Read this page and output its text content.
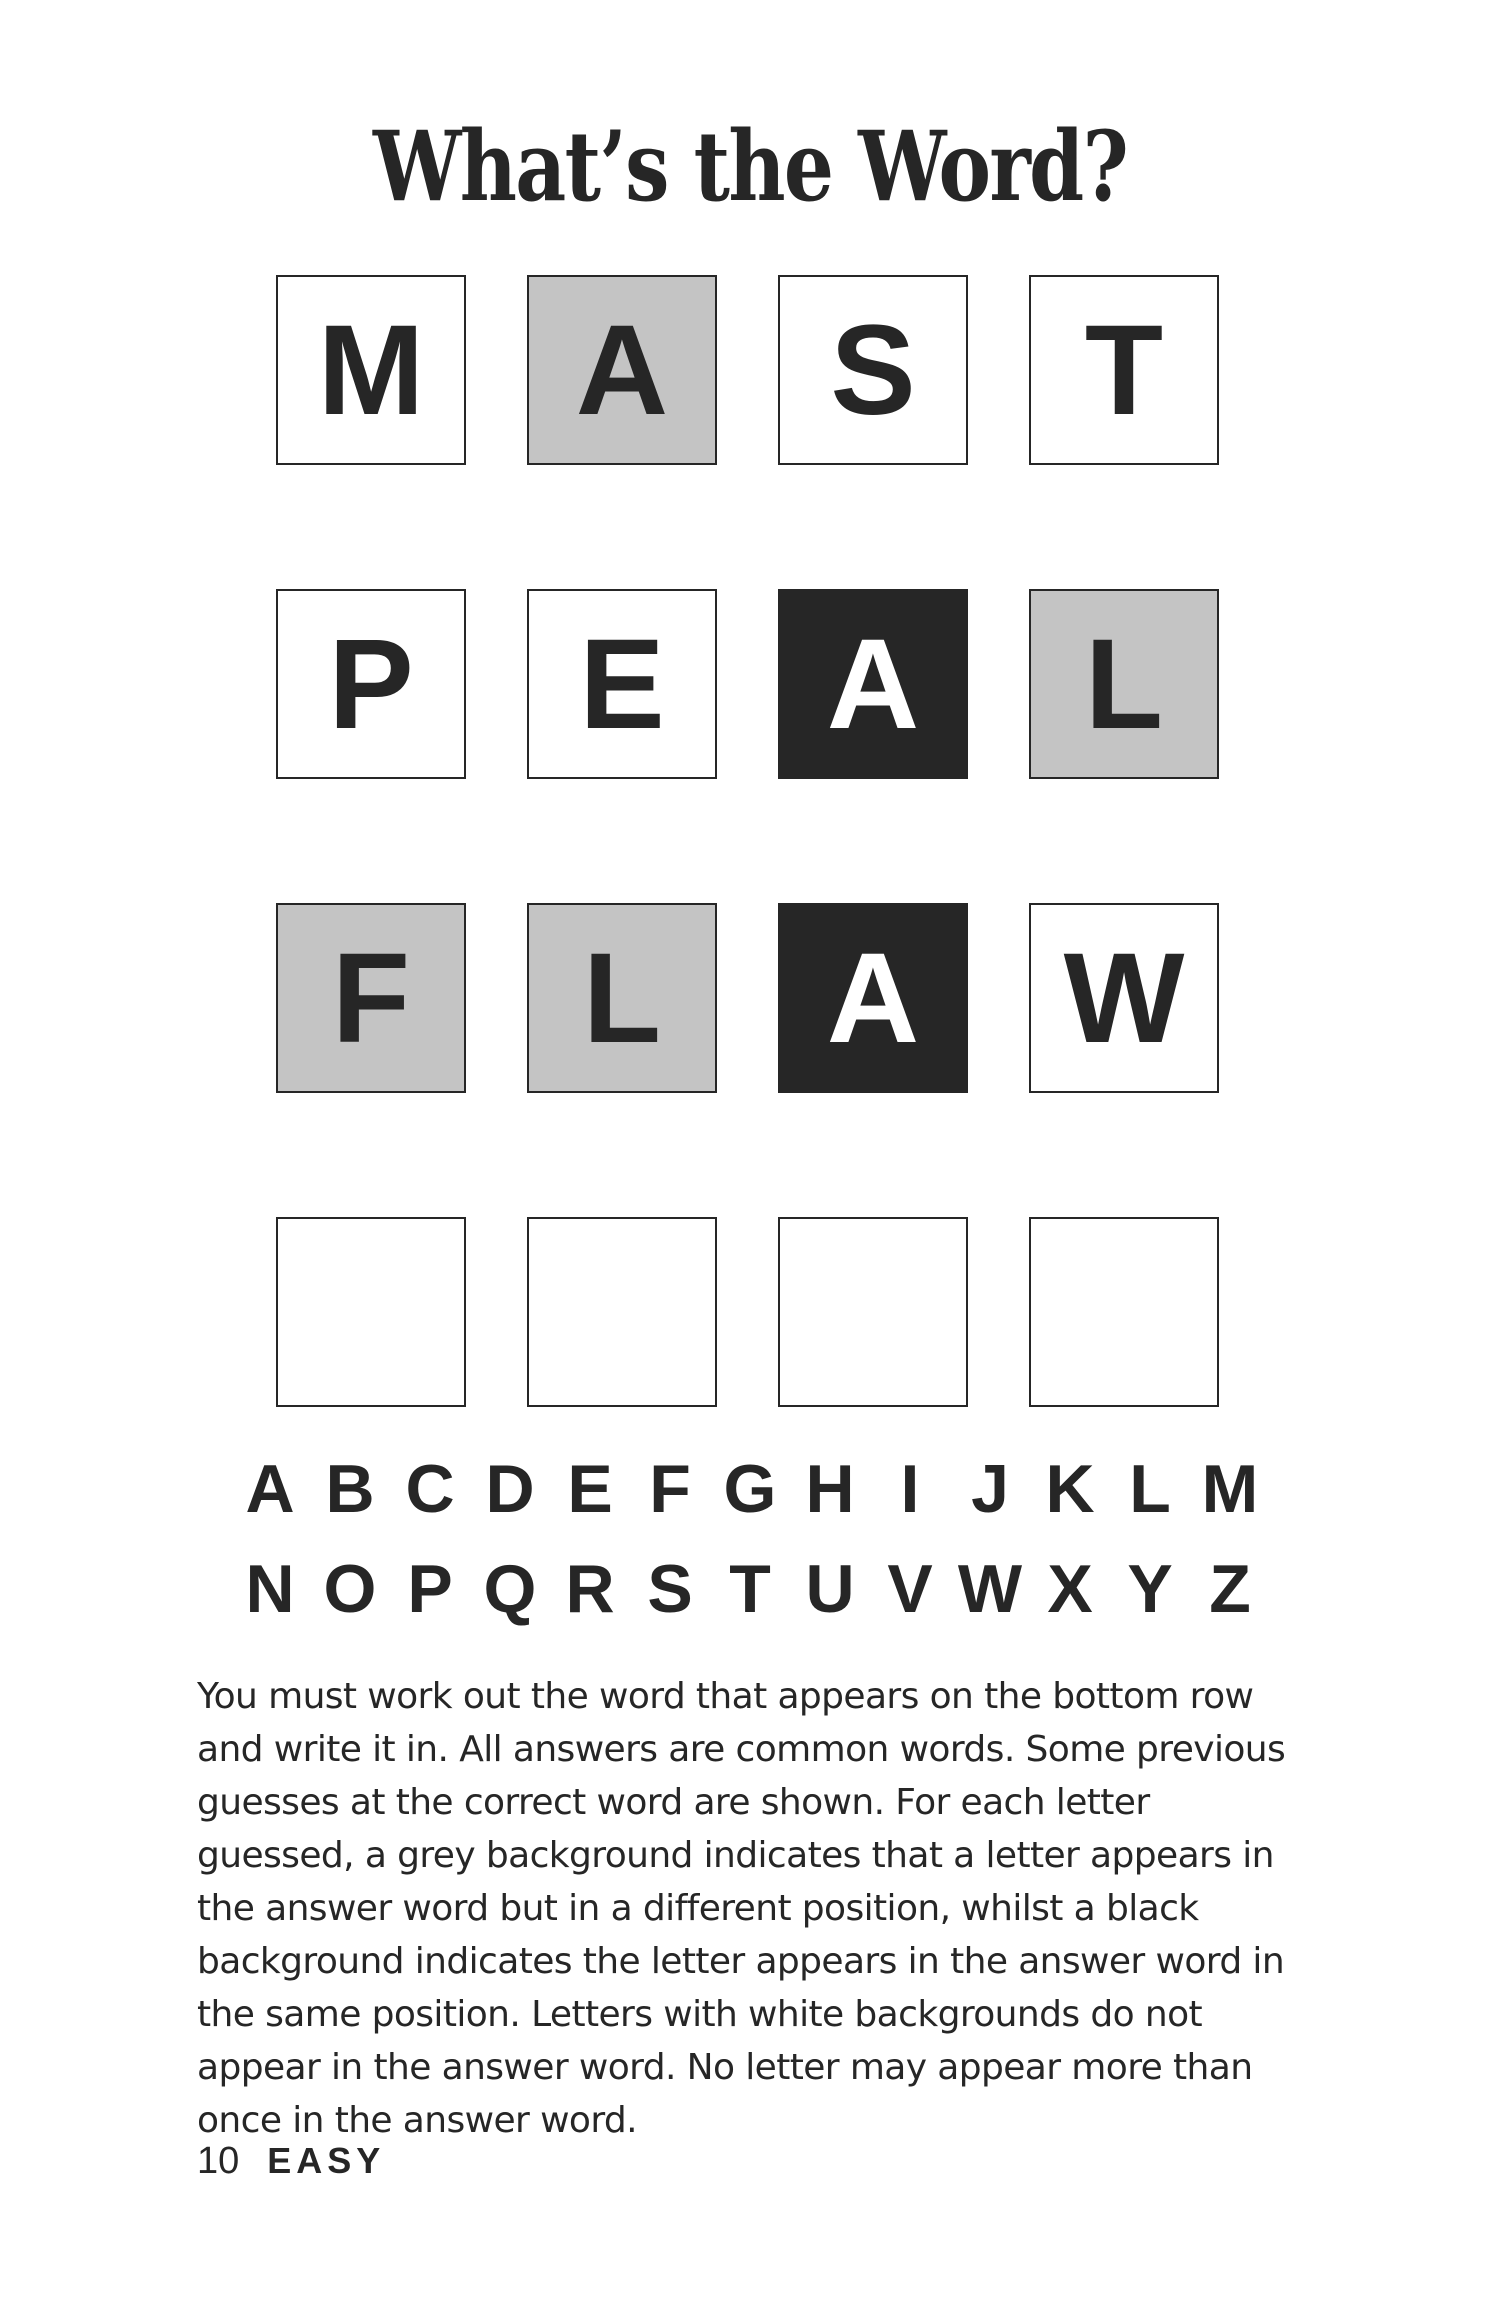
What’s the Word?
M	A	S	T
P	E	A	L
F	L	A	W
A B C D E F G H I J K L M
N O P Q R S T U V W X Y Z

You must work out the word that appears on the bottom row and write it in. All answers are common words. Some previous guesses at the correct word are shown. For each letter guessed, a grey background indicates that a letter appears in the answer word but in a different position, whilst a black background indicates the letter appears in the answer word in the same position. Letters with white backgrounds do not appear in the answer word. No letter may appear more than once in the answer word.

10 EASY
